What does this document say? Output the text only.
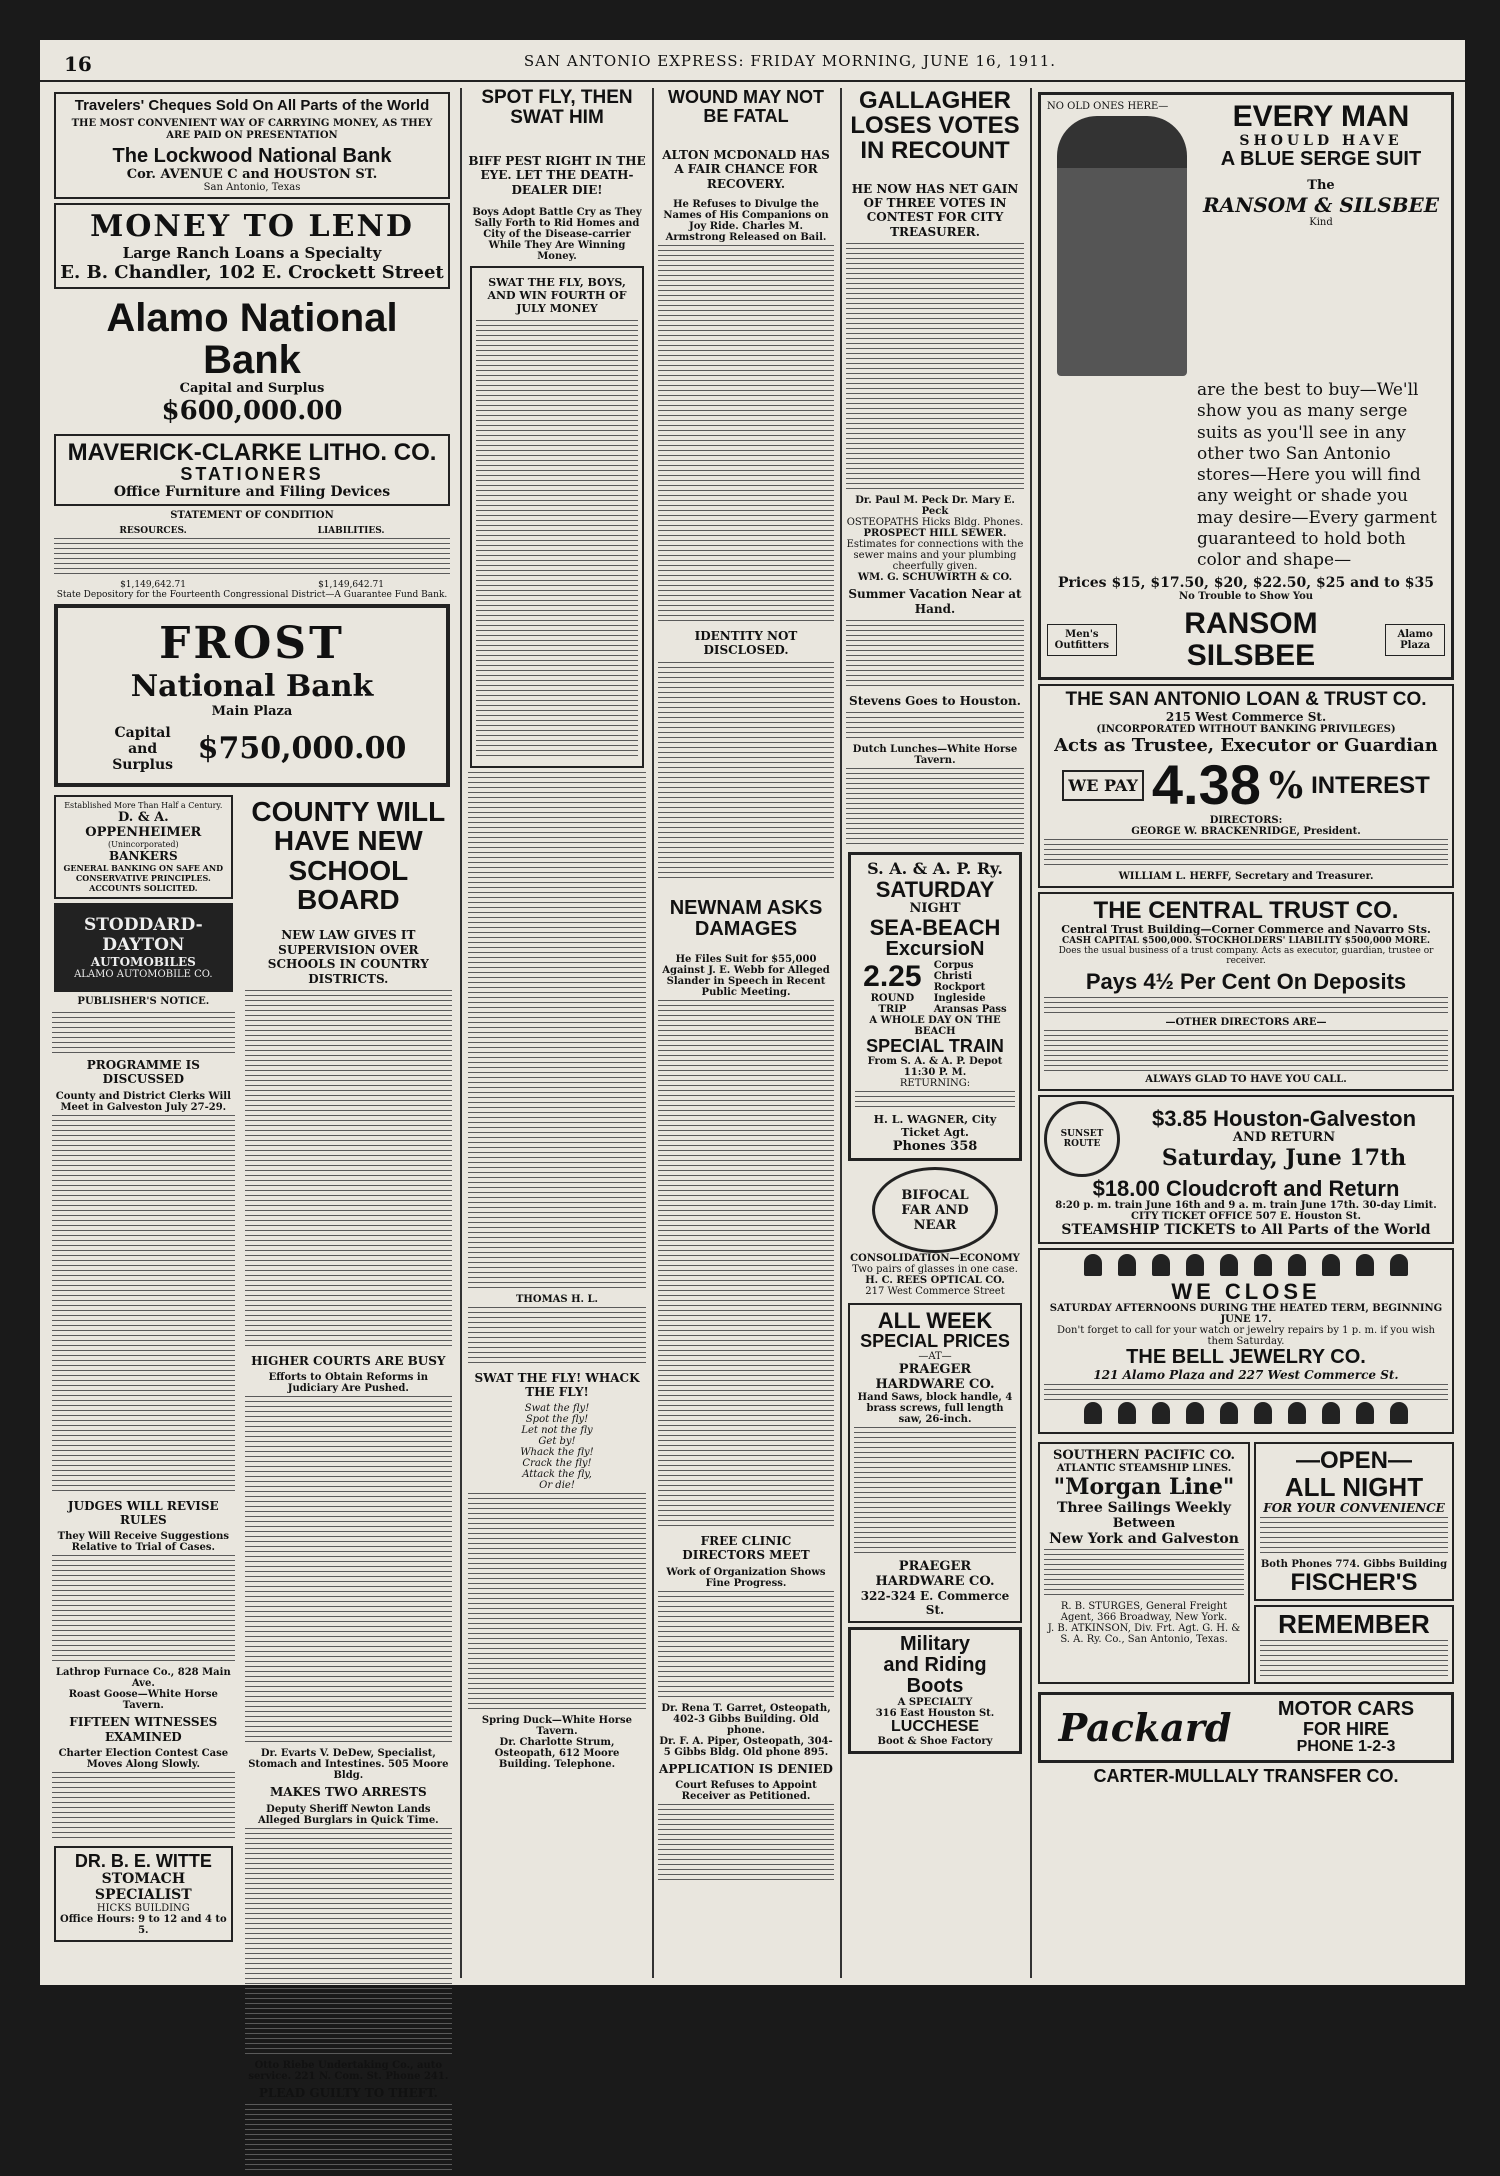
16	SAN ANTONIO EXPRESS: FRIDAY MORNING, JUNE 16, 1911.
Travelers' Cheques Sold On All Parts of the World
THE MOST CONVENIENT WAY OF CARRYING MONEY, AS THEY ARE PAID ON PRESENTATION
The Lockwood National Bank
Cor. AVENUE C and HOUSTON ST.
San Antonio, Texas
MONEY TO LEND
Large Ranch Loans a Specialty
E. B. Chandler, 102 E. Crockett Street
Alamo National Bank
Capital and Surplus
$600,000.00
MAVERICK-CLARKE LITHO. CO.
STATIONERS
Office Furniture and Filing Devices
STATEMENT OF CONDITION
RESOURCES.	LIABILITIES.
$1,149,642.71	$1,149,642.71
State Depository for the Fourteenth Congressional District—A Guarantee Fund Bank.
FROST
National Bank
Main Plaza
Capital and Surplus $750,000.00
Established More Than Half a Century.
D. & A. OPPENHEIMER
(Unincorporated)
BANKERS
GENERAL BANKING ON SAFE AND CONSERVATIVE PRINCIPLES. ACCOUNTS SOLICITED.
STODDARD-DAYTON
AUTOMOBILES
ALAMO AUTOMOBILE CO.
PUBLISHER'S NOTICE.
PROGRAMME IS DISCUSSED
County and District Clerks Will Meet in Galveston July 27-29.
JUDGES WILL REVISE RULES
They Will Receive Suggestions Relative to Trial of Cases.
Lathrop Furnace Co., 828 Main Ave.
Roast Goose—White Horse Tavern.
FIFTEEN WITNESSES EXAMINED
Charter Election Contest Case Moves Along Slowly.
DR. B. E. WITTE
STOMACH SPECIALIST
HICKS BUILDING
Office Hours: 9 to 12 and 4 to 5.
COUNTY WILL HAVE NEW SCHOOL BOARD
NEW LAW GIVES IT SUPERVISION OVER SCHOOLS IN COUNTRY DISTRICTS.
HIGHER COURTS ARE BUSY
Efforts to Obtain Reforms in Judiciary Are Pushed.
Dr. Evarts V. DeDew, Specialist, Stomach and Intestines. 505 Moore Bldg.
MAKES TWO ARRESTS
Deputy Sheriff Newton Lands Alleged Burglars in Quick Time.
Otto Riebe Undertaking Co., auto service. 221 N. Com. St. Phone 241.
PLEAD GUILTY TO THEFT.
SPOT FLY, THEN SWAT HIM
BIFF PEST RIGHT IN THE EYE. LET THE DEATH-DEALER DIE!
Boys Adopt Battle Cry as They Sally Forth to Rid Homes and City of the Disease-carrier While They Are Winning Money.
SWAT THE FLY, BOYS, AND WIN FOURTH OF JULY MONEY
THOMAS H. L.
SWAT THE FLY! WHACK THE FLY!
Swat the fly!
Spot the fly!
Let not the fly
Get by!
Whack the fly!
Crack the fly!
Attack the fly,
Or die!
Spring Duck—White Horse Tavern.
Dr. Charlotte Strum, Osteopath, 612 Moore Building. Telephone.
WOUND MAY NOT BE FATAL
ALTON MCDONALD HAS A FAIR CHANCE FOR RECOVERY.
He Refuses to Divulge the Names of His Companions on Joy Ride. Charles M. Armstrong Released on Bail.
IDENTITY NOT DISCLOSED.
NEWNAM ASKS DAMAGES
He Files Suit for $55,000 Against J. E. Webb for Alleged Slander in Speech in Recent Public Meeting.
FREE CLINIC DIRECTORS MEET
Work of Organization Shows Fine Progress.
Dr. Rena T. Garret, Osteopath, 402-3 Gibbs Building. Old phone.
Dr. F. A. Piper, Osteopath, 304-5 Gibbs Bldg. Old phone 895.
APPLICATION IS DENIED
Court Refuses to Appoint Receiver as Petitioned.
GALLAGHER LOSES VOTES IN RECOUNT
HE NOW HAS NET GAIN OF THREE VOTES IN CONTEST FOR CITY TREASURER.
Dr. Paul M. Peck Dr. Mary E. Peck
OSTEOPATHS Hicks Bldg. Phones.
PROSPECT HILL SEWER.
Estimates for connections with the sewer mains and your plumbing cheerfully given.
WM. G. SCHUWIRTH & CO.
Summer Vacation Near at Hand.
Stevens Goes to Houston.
Dutch Lunches—White Horse Tavern.
S. A. & A. P. Ry.
SATURDAY
NIGHT
SEA-BEACH
ExcursioN
2.25
ROUND TRIP
Corpus Christi
Rockport
Ingleside
Aransas Pass
A WHOLE DAY ON THE BEACH
SPECIAL TRAIN
From S. A. & A. P. Depot 11:30 P. M.
RETURNING:
H. L. WAGNER, City Ticket Agt.
Phones 358
BIFOCAL FAR AND NEAR
CONSOLIDATION—ECONOMY
Two pairs of glasses in one case.
H. C. REES OPTICAL CO.
217 West Commerce Street
ALL WEEK
SPECIAL PRICES
—AT—
PRAEGER HARDWARE CO.
Hand Saws, block handle, 4 brass screws, full length saw, 26-inch.
PRAEGER HARDWARE CO.
322-324 E. Commerce St.
Military
and Riding
Boots
A SPECIALTY
316 East Houston St.
LUCCHESE
Boot & Shoe Factory
NO OLD ONES HERE—	EVERY MAN
SHOULD HAVE
A BLUE SERGE SUIT
The
RANSOM & SILSBEE
Kind
are the best to buy—We'll show you as many serge suits as you'll see in any other two San Antonio stores—Here you will find any weight or shade you may desire—Every garment guaranteed to hold both color and shape—
Prices $15, $17.50, $20, $22.50, $25 and to $35
No Trouble to Show You
Men's Outfitters
RANSOM SILSBEE
Alamo Plaza
THE SAN ANTONIO LOAN & TRUST CO.
215 West Commerce St.
(INCORPORATED WITHOUT BANKING PRIVILEGES)
Acts as Trustee, Executor or Guardian
WE PAY 4.38 % INTEREST
DIRECTORS:
GEORGE W. BRACKENRIDGE, President.
WILLIAM L. HERFF, Secretary and Treasurer.
THE CENTRAL TRUST CO.
Central Trust Building—Corner Commerce and Navarro Sts.
CASH CAPITAL $500,000. STOCKHOLDERS' LIABILITY $500,000 MORE.
Does the usual business of a trust company. Acts as executor, guardian, trustee or receiver.
Pays 4½ Per Cent On Deposits
—OTHER DIRECTORS ARE—
ALWAYS GLAD TO HAVE YOU CALL.
SUNSET ROUTE
$3.85 Houston-Galveston
AND RETURN
Saturday, June 17th
$18.00 Cloudcroft and Return
8:20 p. m. train June 16th and 9 a. m. train June 17th. 30-day Limit.
CITY TICKET OFFICE 507 E. Houston St.
STEAMSHIP TICKETS to All Parts of the World
WE CLOSE
SATURDAY AFTERNOONS DURING THE HEATED TERM, BEGINNING JUNE 17.
Don't forget to call for your watch or jewelry repairs by 1 p. m. if you wish them Saturday.
THE BELL JEWELRY CO.
121 Alamo Plaza and 227 West Commerce St.
SOUTHERN PACIFIC CO.
ATLANTIC STEAMSHIP LINES.
"Morgan Line"
Three Sailings Weekly
Between
New York and Galveston
R. B. STURGES, General Freight Agent, 366 Broadway, New York.
J. B. ATKINSON, Div. Frt. Agt. G. H. & S. A. Ry. Co., San Antonio, Texas.
—OPEN—
ALL NIGHT
FOR YOUR CONVENIENCE
Both Phones 774. Gibbs Building
FISCHER'S
REMEMBER
Packard	MOTOR CARS
FOR HIRE
PHONE 1-2-3
CARTER-MULLALY TRANSFER CO.
